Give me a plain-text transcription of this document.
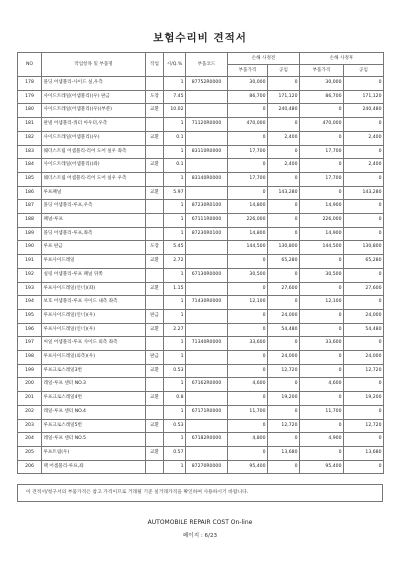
보험수리비 견적서
NO	작업항목 및 부품명	작업	시/Q.%	부품코드	손해 사정전		손해 사정후	
					부품가격	공임	부품가격	공임
178	몰딩 어셈블리-사이드 실,우측		1	87752R0000	30,000	0	30,000	0
179	사이드트레일(어셈블리)(우) 판금	도장	7.45		86,700	171,120	86,700	171,120
180	사이드트레일(어셈블리)(우)(부분)	교환	10.02		0	240,480	0	240,480
181	판넬 어셈블리-쿼터 아우터,우측		1	71120R0000	470,000	0	470,000	0
182	사이드트레일(어셈블리)(우)	교환	0.1		0	2,400	0	2,400
183	웨더스트립 어셈블리-리어 도어 실우 좌측		1	83110R0000	17,700	0	17,700	0
184	사이드트레일(어셈블리)(좌)	교환	0.1		0	2,400	0	2,400
185	웨더스트립 어셈블리-리어 도어 실우 우측		1	83140R0000	17,700	0	17,700	0
186	루프패널	교환	5.97		0	143,280	0	143,280
187	몰딩 어셈블리-루프,우측		1	87230R0100	14,800	0	14,900	0
188	패널-루프		1	67111R0000	226,000	0	226,000	0
189	몰딩 어셈블리-루프,좌측		1	87230R0100	14,800	0	14,900	0
190	루프 판금	도장	5.45		144,500	130,800	144,500	130,800
191	루프사이드레일	교환	2.72		0	65,280	0	65,280
192	실링 어셈블리-루프 패널 뒤쪽		1	67130R0000	30,500	0	30,500	0
193	루프사이드레일(인너)(좌)	교환	1.15		0	27,600	0	27,600
194	보호 어셈블리-루프 사이드 내측 좌측		1	71430R0000	12,100	0	12,100	0
195	루프사이드레일(인너)(우)	판금	1		0	24,000	0	24,000
196	루프사이드레일(인너)(우)	교환	2.27		0	54,480	0	54,480
197	씨일 어셈블리-루프 사이드 외측 좌측		1	71340R0000	33,600	0	33,600	0
198	루프사이드레일(외측)(우)	판금	1		0	24,000	0	24,000
199	루프크로스레일3번	교환	0.53		0	12,720	0	12,720
200	레일-루프 센터 NO.3		1	67162R0000	4,600	0	4,600	0
201	루프크로스레일4번	교환	0.8		0	19,200	0	19,200
202	레일-루프 센터 NO.4		1	67171R0000	11,700	0	11,700	0
203	루프크로스레일5번	교환	0.53		0	12,720	0	12,720
204	레일-루프 센터 NO.5		1	67182R0000	4,800	0	4,900	0
205	루프트림(우)	교환	0.57		0	13,680	0	13,680
206	랙 어셈블리-루프,좌		1	87270R0000	95,400	0	95,400	0
이 견적서/청구서의 부품가격은 참고 가격이므로 거래될 기준 실거래가격을 확인하여 사용하시기 바랍니다.
AUTOMOBILE REPAIR COST On-line
페이지 : 6/23
